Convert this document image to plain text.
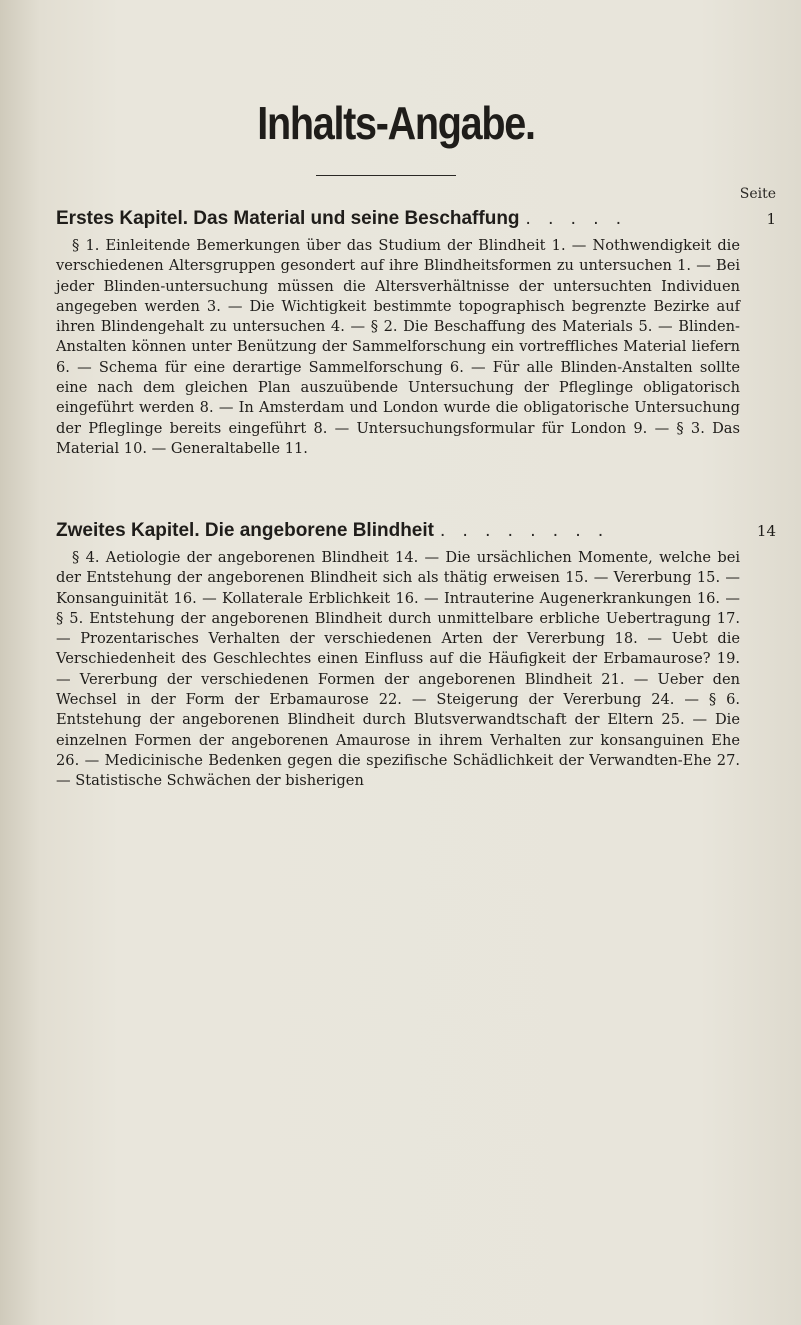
Inhalts-Angabe.
Seite
Erstes Kapitel.
Das Material und seine Beschaffung . . . . .	1

§ 1. Einleitende Bemerkungen über das Studium der Blindheit 1. — Nothwendigkeit die verschiedenen Altersgruppen gesondert auf ihre Blindheitsformen zu untersuchen 1. — Bei jeder Blinden-untersuchung müssen die Altersverhältnisse der untersuchten Individuen angegeben werden 3. — Die Wichtigkeit bestimmte topographisch begrenzte Bezirke auf ihren Blindengehalt zu untersuchen 4. — § 2. Die Beschaffung des Materials 5. — Blinden-Anstalten können unter Benützung der Sammelforschung ein vortreffliches Material liefern 6. — Schema für eine derartige Sammelforschung 6. — Für alle Blinden-Anstalten sollte eine nach dem gleichen Plan auszuübende Untersuchung der Pfleglinge obligatorisch eingeführt werden 8. — In Amsterdam und London wurde die obligatorische Untersuchung der Pfleglinge bereits eingeführt 8. — Untersuchungsformular für London 9. — § 3. Das Material 10. — Generaltabelle 11.

Zweites Kapitel.
Die angeborene Blindheit . . . . . . . .	14

§ 4. Aetiologie der angeborenen Blindheit 14. — Die ursächlichen Momente, welche bei der Entstehung der angeborenen Blindheit sich als thätig erweisen 15. — Vererbung 15. — Konsanguinität 16. — Kollaterale Erblichkeit 16. — Intrauterine Augenerkrankungen 16. — § 5. Entstehung der angeborenen Blindheit durch unmittelbare erbliche Uebertragung 17. — Prozentarisches Verhalten der verschiedenen Arten der Vererbung 18. — Uebt die Verschiedenheit des Geschlechtes einen Einfluss auf die Häufigkeit der Erbamaurose? 19. — Vererbung der verschiedenen Formen der angeborenen Blindheit 21. — Ueber den Wechsel in der Form der Erbamaurose 22. — Steigerung der Vererbung 24. — § 6. Entstehung der angeborenen Blindheit durch Blutsverwandtschaft der Eltern 25. — Die einzelnen Formen der angeborenen Amaurose in ihrem Verhalten zur konsanguinen Ehe 26. — Medicinische Bedenken gegen die spezifische Schädlichkeit der Verwandten-Ehe 27. — Statistische Schwächen der bisherigen
